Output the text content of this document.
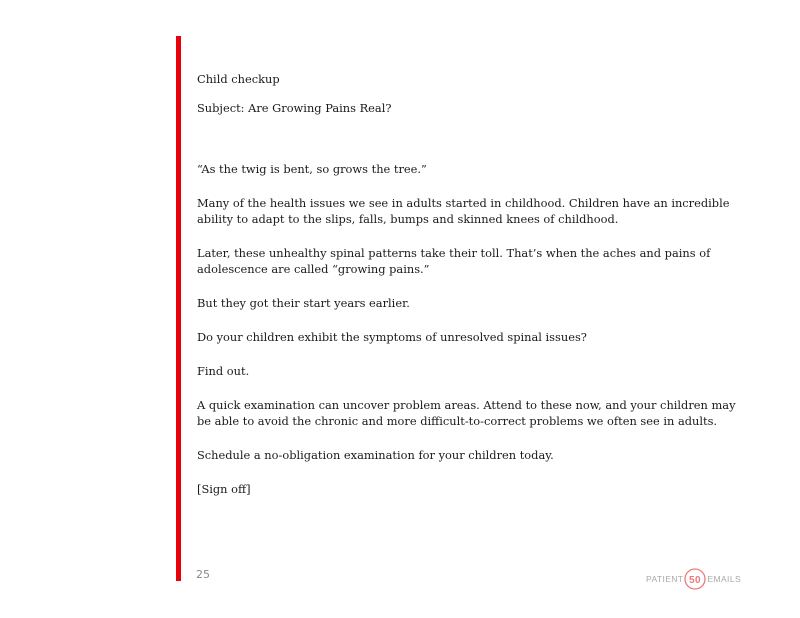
Child checkup

Subject: Are Growing Pains Real?

“As the twig is bent, so grows the tree.”

Many of the health issues we see in adults started in childhood. Children have an incredible ability to adapt to the slips, falls, bumps and skinned knees of childhood.

Later, these unhealthy spinal patterns take their toll. That’s when the aches and pains of adolescence are called “growing pains.”

But they got their start years earlier.

Do your children exhibit the symptoms of unresolved spinal issues?

Find out.

A quick examination can uncover problem areas. Attend to these now, and your children may be able to avoid the chronic and more difficult-to-correct problems we often see in adults.

Schedule a no-obligation examination for your children today.

[Sign off]

25	PATIENT 50 EMAILS
